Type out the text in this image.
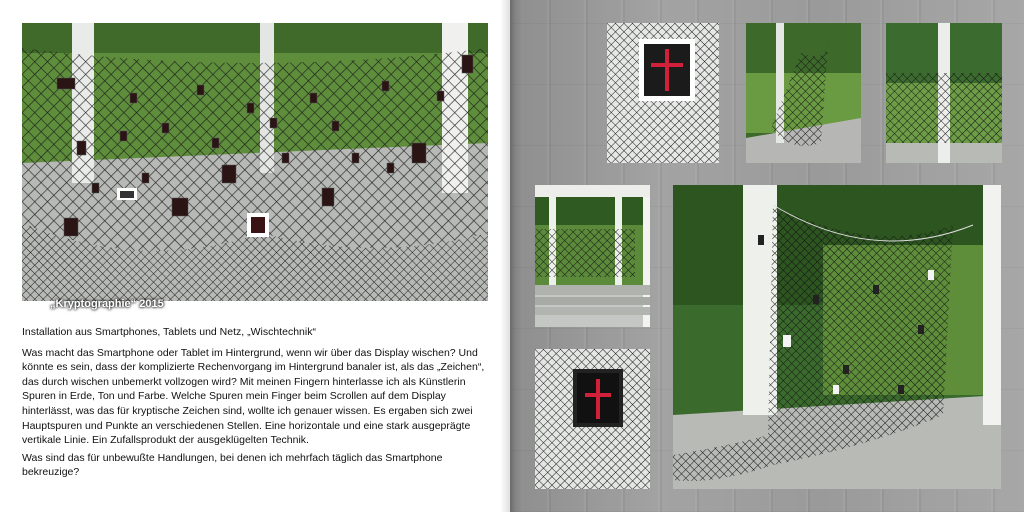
„Kryptographie“ 2015

Installation aus Smartphones, Tablets und Netz, „Wischtechnik“

Was macht das Smartphone oder Tablet im Hintergrund, wenn wir über das Display wischen? Und könnte es sein, dass der komplizierte Rechenvorgang im Hintergrund banaler ist, als das „Zeichen“, das durch wischen unbemerkt vollzogen wird? Mit meinen Fingern hinterlasse ich als Künstlerin Spuren in Erde, Ton und Farbe. Welche Spuren mein Finger beim Scrollen auf dem Display hinterlässt, was das für kryptische Zeichen sind, wollte ich genauer wissen. Es ergaben sich zwei Hauptspuren und Punkte an verschiedenen Stellen. Eine horizontale und eine stark ausgeprägte vertikale Linie. Ein Zufallsprodukt der ausgeklügelten Technik.

Was sind das für unbewußte Handlungen, bei denen ich mehrfach täglich das Smartphone bekreuzige?
